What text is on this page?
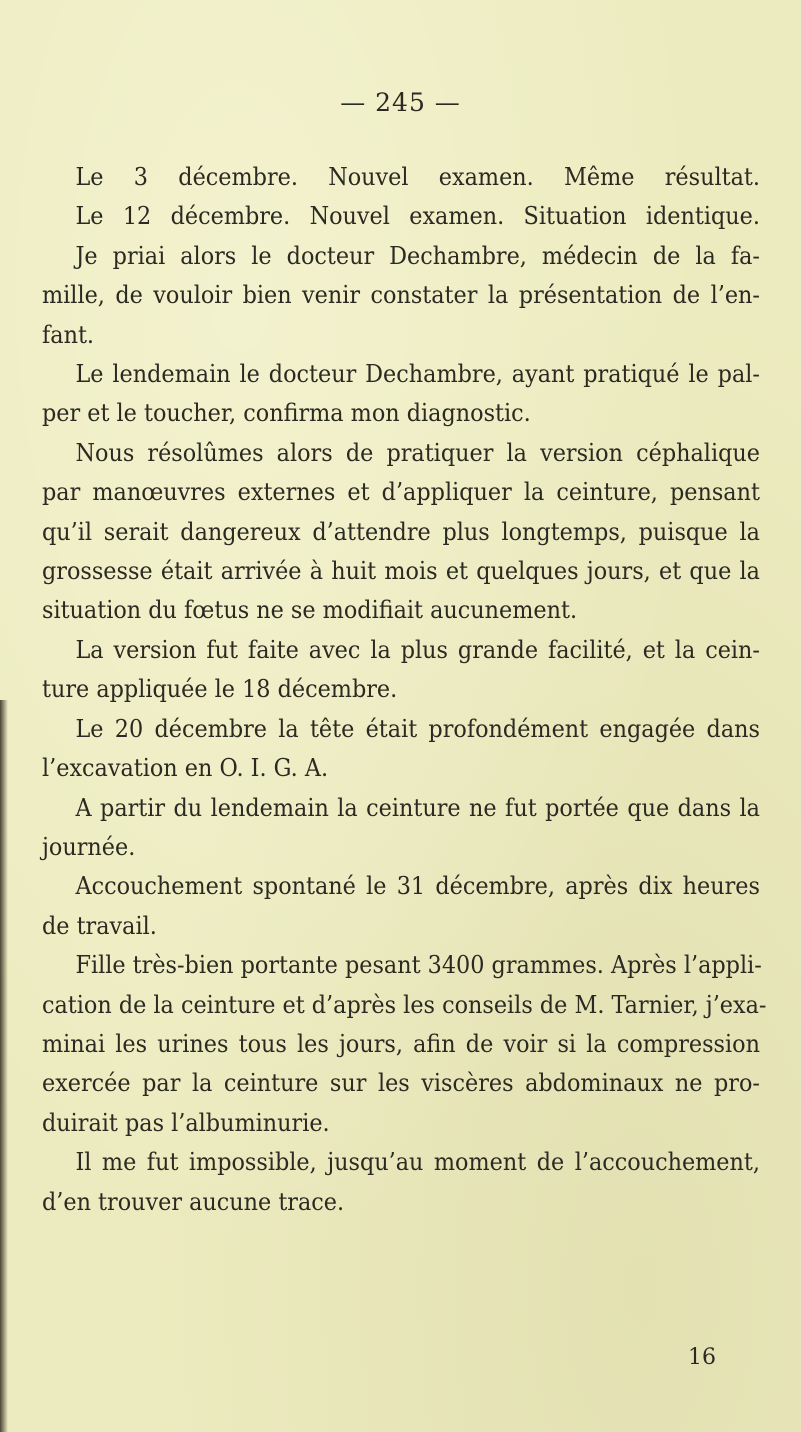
— 245 —
Le 3 décembre. Nouvel examen. Même résultat.
Le 12 décembre. Nouvel examen. Situation identique.
Je priai alors le docteur Dechambre, médecin de la fa-
mille, de vouloir bien venir constater la présentation de l’en-
fant.
Le lendemain le docteur Dechambre, ayant pratiqué le pal-
per et le toucher, confirma mon diagnostic.
Nous résolûmes alors de pratiquer la version céphalique
par manœuvres externes et d’appliquer la ceinture, pensant
qu’il serait dangereux d’attendre plus longtemps, puisque la
grossesse était arrivée à huit mois et quelques jours, et que la
situation du fœtus ne se modifiait aucunement.
La version fut faite avec la plus grande facilité, et la cein-
ture appliquée le 18 décembre.
Le 20 décembre la tête était profondément engagée dans
l’excavation en O. I. G. A.
A partir du lendemain la ceinture ne fut portée que dans la
journée.
Accouchement spontané le 31 décembre, après dix heures
de travail.
Fille très-bien portante pesant 3400 grammes. Après l’appli-
cation de la ceinture et d’après les conseils de M. Tarnier, j’exa-
minai les urines tous les jours, afin de voir si la compression
exercée par la ceinture sur les viscères abdominaux ne pro-
duirait pas l’albuminurie.
Il me fut impossible, jusqu’au moment de l’accouchement,
d’en trouver aucune trace.
16
